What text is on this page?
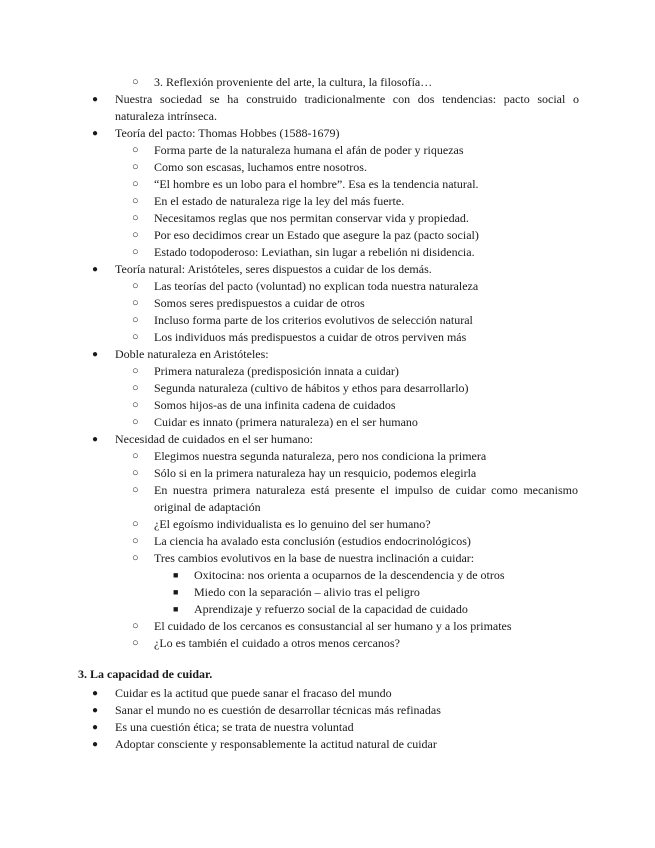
○ 3. Reflexión proveniente del arte, la cultura, la filosofía…
● Nuestra sociedad se ha construido tradicionalmente con dos tendencias: pacto social o naturaleza intrínseca.
● Teoría del pacto: Thomas Hobbes (1588-1679)
○ Forma parte de la naturaleza humana el afán de poder y riquezas
○ Como son escasas, luchamos entre nosotros.
○ “El hombre es un lobo para el hombre”. Esa es la tendencia natural.
○ En el estado de naturaleza rige la ley del más fuerte.
○ Necesitamos reglas que nos permitan conservar vida y propiedad.
○ Por eso decidimos crear un Estado que asegure la paz (pacto social)
○ Estado todopoderoso: Leviathan, sin lugar a rebelión ni disidencia.
● Teoría natural: Aristóteles, seres dispuestos a cuidar de los demás.
○ Las teorías del pacto (voluntad) no explican toda nuestra naturaleza
○ Somos seres predispuestos a cuidar de otros
○ Incluso forma parte de los criterios evolutivos de selección natural
○ Los individuos más predispuestos a cuidar de otros perviven más
● Doble naturaleza en Aristóteles:
○ Primera naturaleza (predisposición innata a cuidar)
○ Segunda naturaleza (cultivo de hábitos y ethos para desarrollarlo)
○ Somos hijos-as de una infinita cadena de cuidados
○ Cuidar es innato (primera naturaleza) en el ser humano
● Necesidad de cuidados en el ser humano:
○ Elegimos nuestra segunda naturaleza, pero nos condiciona la primera
○ Sólo si en la primera naturaleza hay un resquicio, podemos elegirla
○ En nuestra primera naturaleza está presente el impulso de cuidar como mecanismo original de adaptación
○ ¿El egoísmo individualista es lo genuino del ser humano?
○ La ciencia ha avalado esta conclusión (estudios endocrinológicos)
○ Tres cambios evolutivos en la base de nuestra inclinación a cuidar:
■ Oxitocina: nos orienta a ocuparnos de la descendencia y de otros
■ Miedo con la separación – alivio tras el peligro
■ Aprendizaje y refuerzo social de la capacidad de cuidado
○ El cuidado de los cercanos es consustancial al ser humano y a los primates
○ ¿Lo es también el cuidado a otros menos cercanos?
3. La capacidad de cuidar.
● Cuidar es la actitud que puede sanar el fracaso del mundo
● Sanar el mundo no es cuestión de desarrollar técnicas más refinadas
● Es una cuestión ética; se trata de nuestra voluntad
● Adoptar consciente y responsablemente la actitud natural de cuidar
